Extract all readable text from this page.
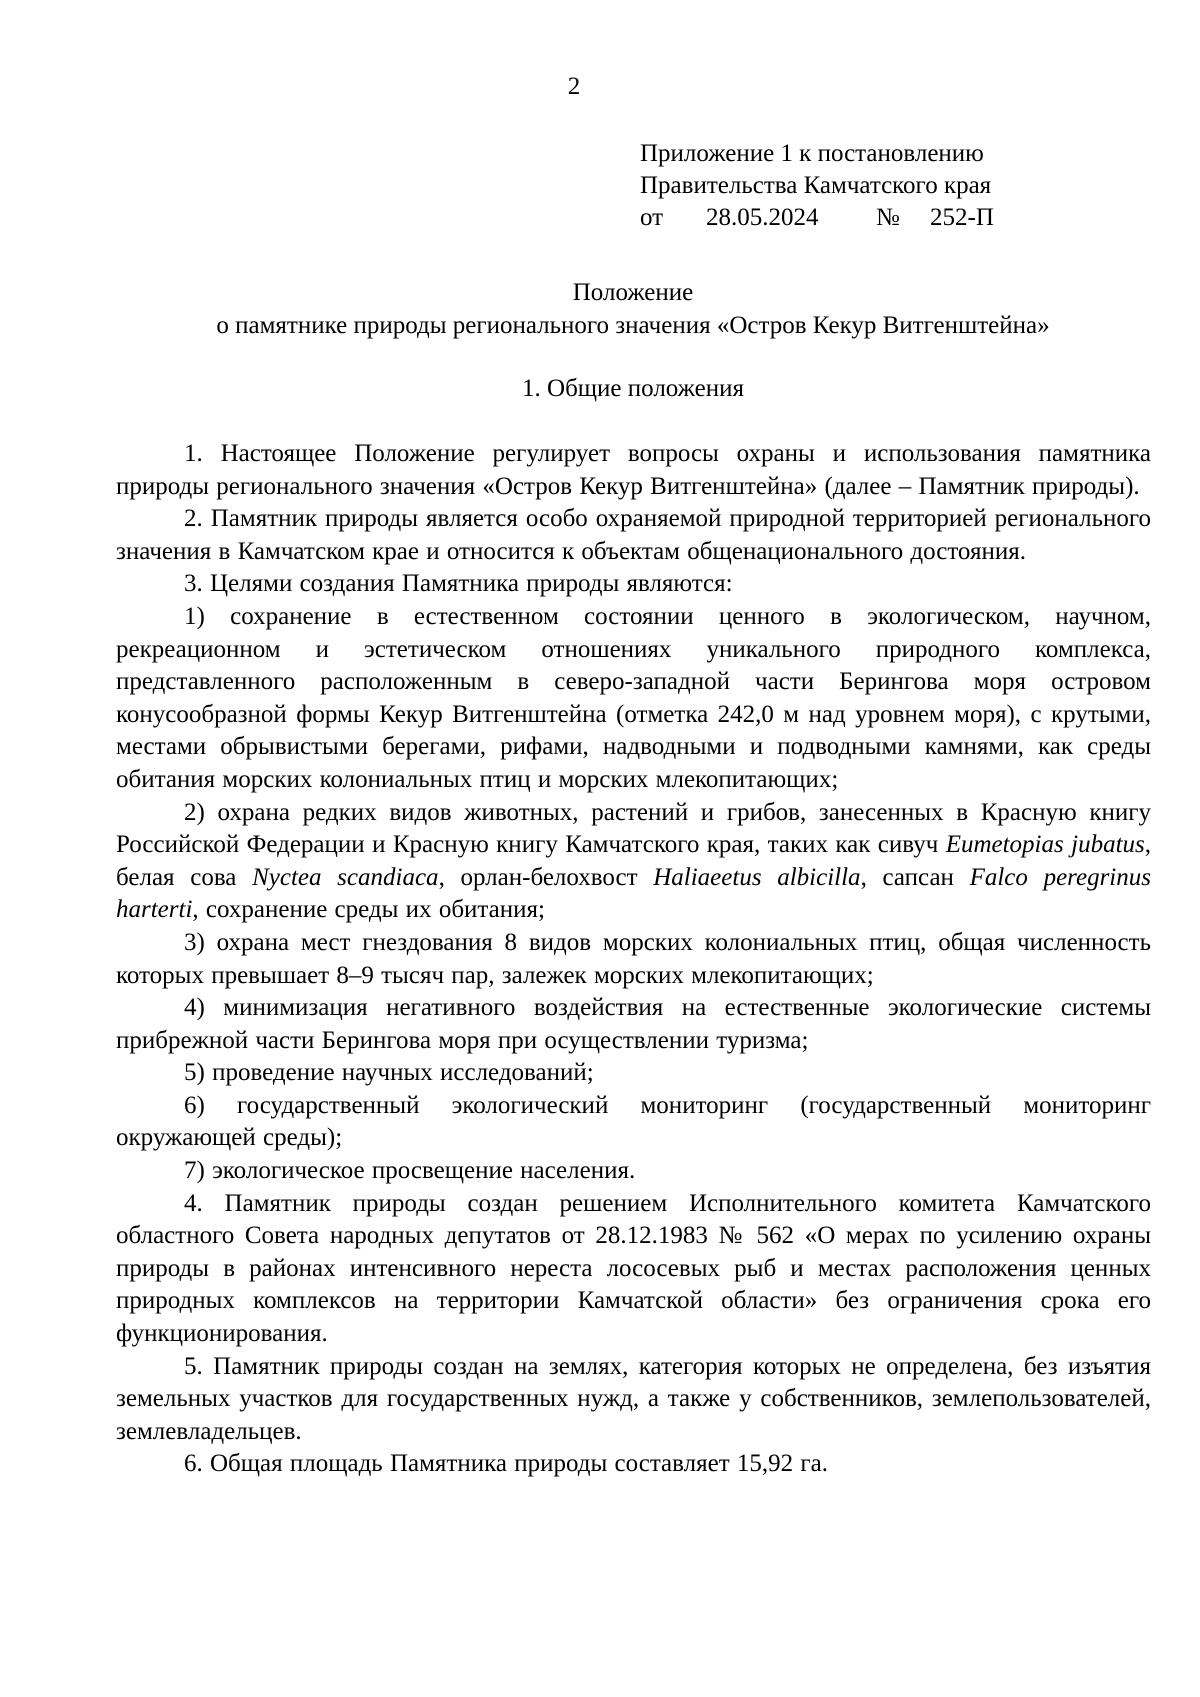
2
Приложение 1 к постановлению
Правительства Камчатского края
от 28.05.2024 № 252-П
Положение
о памятнике природы регионального значения «Остров Кекур Витгенштейна»
1. Общие положения

1. Настоящее Положение регулирует вопросы охраны и использования памятника природы регионального значения «Остров Кекур Витгенштейна» (далее – Памятник природы).

2. Памятник природы является особо охраняемой природной территорией регионального значения в Камчатском крае и относится к объектам общенационального достояния.

3. Целями создания Памятника природы являются:

1) сохранение в естественном состоянии ценного в экологическом, научном, рекреационном и эстетическом отношениях уникального природного комплекса, представленного расположенным в северо-западной части Берингова моря островом конусообразной формы Кекур Витгенштейна (отметка 242,0 м над уровнем моря), с крутыми, местами обрывистыми берегами, рифами, надводными и подводными камнями, как среды обитания морских колониальных птиц и морских млекопитающих;

2) охрана редких видов животных, растений и грибов, занесенных в Красную книгу Российской Федерации и Красную книгу Камчатского края, таких как сивуч Eumetopias jubatus, белая сова Nyctea scandiaca, орлан-белохвост Haliaeetus albicilla, сапсан Falco peregrinus harterti, сохранение среды их обитания;

3) охрана мест гнездования 8 видов морских колониальных птиц, общая численность которых превышает 8–9 тысяч пар, залежек морских млекопитающих;

4) минимизация негативного воздействия на естественные экологические системы прибрежной части Берингова моря при осуществлении туризма;

5) проведение научных исследований;

6) государственный экологический мониторинг (государственный мониторинг окружающей среды);

7) экологическое просвещение населения.

4. Памятник природы создан решением Исполнительного комитета Камчатского областного Совета народных депутатов от 28.12.1983 № 562 «О мерах по усилению охраны природы в районах интенсивного нереста лососевых рыб и местах расположения ценных природных комплексов на территории Камчатской области» без ограничения срока его функционирования.

5. Памятник природы создан на землях, категория которых не определена, без изъятия земельных участков для государственных нужд, а также у собственников, землепользователей, землевладельцев.

6. Общая площадь Памятника природы составляет 15,92 га.
